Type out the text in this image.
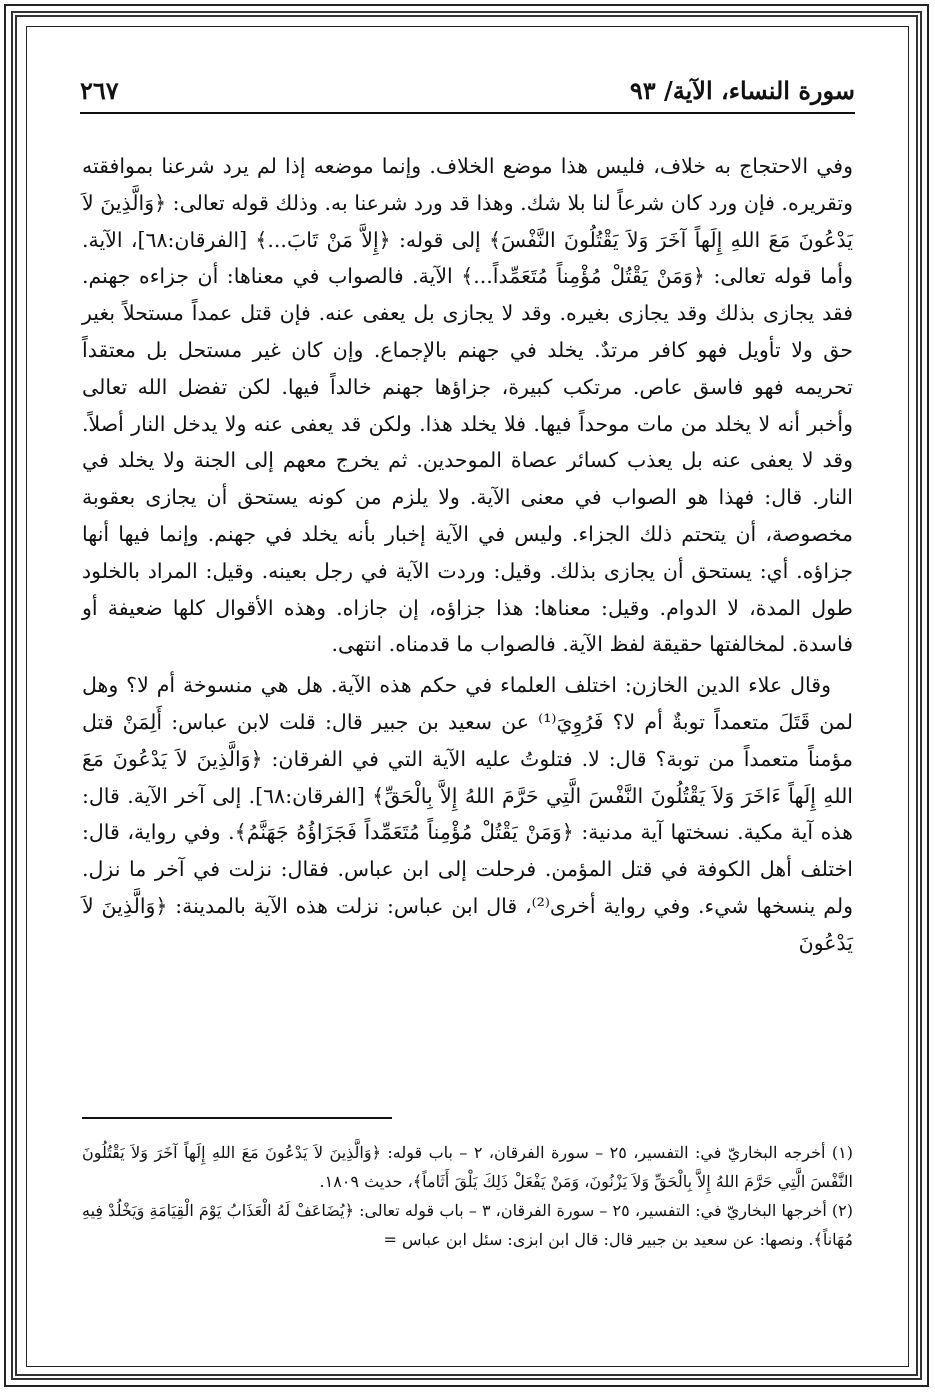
سورة النساء، الآية/ ٩٣
٢٦٧

وفي الاحتجاج به خلاف، فليس هذا موضع الخلاف. وإنما موضعه إذا لم يرد شرعنا بموافقته وتقريره. فإن ورد كان شرعاً لنا بلا شك. وهذا قد ورد شرعنا به. وذلك قوله تعالى: ﴿وَالَّذِينَ لاَ يَدْعُونَ مَعَ اللهِ إِلَهاً آخَرَ وَلاَ يَقْتُلُونَ النَّفْسَ﴾ إلى قوله: ﴿إِلاَّ مَنْ تَابَ...﴾ [الفرقان:٦٨]، الآية. وأما قوله تعالى: ﴿وَمَنْ يَقْتُلْ مُؤْمِناً مُتَعَمِّداً...﴾ الآية. فالصواب في معناها: أن جزاءه جهنم. فقد يجازى بذلك وقد يجازى بغيره. وقد لا يجازى بل يعفى عنه. فإن قتل عمداً مستحلاً بغير حق ولا تأويل فهو كافر مرتدٌ. يخلد في جهنم بالإجماع. وإن كان غير مستحل بل معتقداً تحريمه فهو فاسق عاص. مرتكب كبيرة، جزاؤها جهنم خالداً فيها. لكن تفضل الله تعالى وأخبر أنه لا يخلد من مات موحداً فيها. فلا يخلد هذا. ولكن قد يعفى عنه ولا يدخل النار أصلاً. وقد لا يعفى عنه بل يعذب كسائر عصاة الموحدين. ثم يخرج معهم إلى الجنة ولا يخلد في النار. قال: فهذا هو الصواب في معنى الآية. ولا يلزم من كونه يستحق أن يجازى بعقوبة مخصوصة، أن يتحتم ذلك الجزاء. وليس في الآية إخبار بأنه يخلد في جهنم. وإنما فيها أنها جزاؤه. أي: يستحق أن يجازى بذلك. وقيل: وردت الآية في رجل بعينه. وقيل: المراد بالخلود طول المدة، لا الدوام. وقيل: معناها: هذا جزاؤه، إن جازاه. وهذه الأقوال كلها ضعيفة أو فاسدة. لمخالفتها حقيقة لفظ الآية. فالصواب ما قدمناه. انتهى.

وقال علاء الدين الخازن: اختلف العلماء في حكم هذه الآية. هل هي منسوخة أم لا؟ وهل لمن قَتَلَ متعمداً توبةٌ أم لا؟ فَرُوِيَ⁽¹⁾ عن سعيد بن جبير قال: قلت لابن عباس: أَلِمَنْ قتل مؤمناً متعمداً من توبة؟ قال: لا. فتلوتُ عليه الآية التي في الفرقان: ﴿وَالَّذِينَ لاَ يَدْعُونَ مَعَ اللهِ إِلَهاً ءَاخَرَ وَلاَ يَقْتُلُونَ النَّفْسَ الَّتِي حَرَّمَ اللهُ إِلاَّ بِالْحَقِّ﴾ [الفرقان:٦٨]. إلى آخر الآية. قال: هذه آية مكية. نسختها آية مدنية: ﴿وَمَنْ يَقْتُلْ مُؤْمِناً مُتَعَمِّداً فَجَزَاؤُهُ جَهَنَّمُ﴾. وفي رواية، قال: اختلف أهل الكوفة في قتل المؤمن. فرحلت إلى ابن عباس. فقال: نزلت في آخر ما نزل. ولم ينسخها شيء. وفي رواية أخرى⁽²⁾، قال ابن عباس: نزلت هذه الآية بالمدينة: ﴿وَالَّذِينَ لاَ يَدْعُونَ

(١) أخرجه البخاريّ في: التفسير، ٢٥ – سورة الفرقان، ٢ – باب قوله: ﴿وَالَّذِينَ لاَ يَدْعُونَ مَعَ اللهِ إِلَهاً آخَرَ وَلاَ يَقْتُلُونَ النَّفْسَ الَّتِي حَرَّمَ اللهُ إِلاَّ بِالْحَقِّ وَلاَ يَزْنُونَ، وَمَنْ يَفْعَلْ ذَلِكَ يَلْقَ أَثَاماً﴾، حديث ١٨٠٩.

(٢) أخرجها البخاريّ في: التفسير، ٢٥ – سورة الفرقان، ٣ – باب قوله تعالى: ﴿يُضَاعَفْ لَهُ الْعَذَابُ يَوْمَ الْقِيَامَةِ وَيَخْلُدْ فِيهِ مُهَاناً﴾. ونصها: عن سعيد بن جبير قال: قال ابن ابزى: سئل ابن عباس =
